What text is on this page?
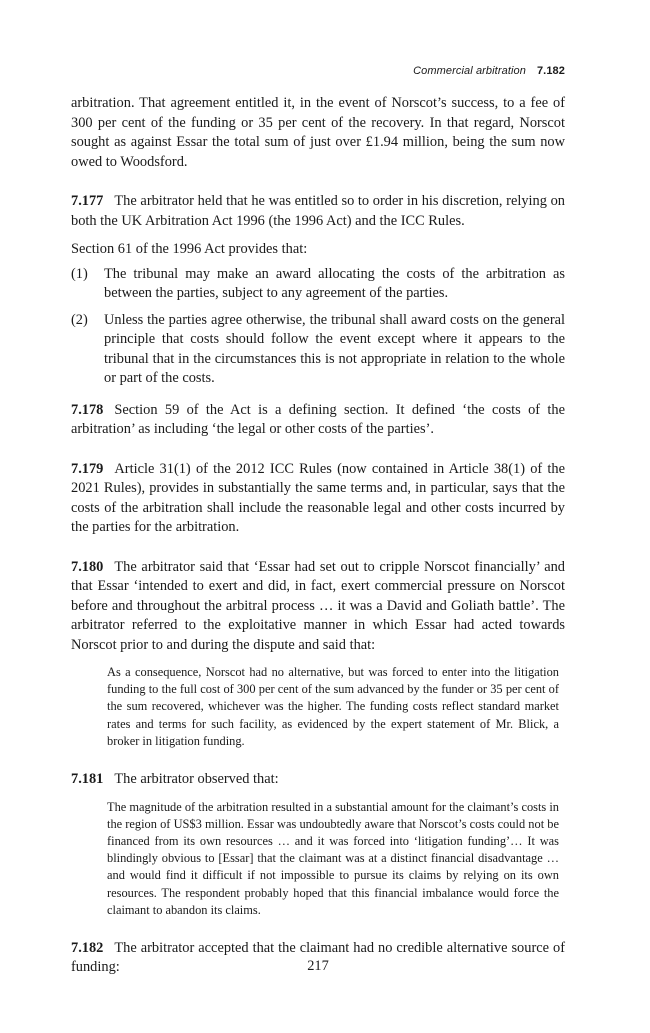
Commercial arbitration 7.182

arbitration. That agreement entitled it, in the event of Norscot’s success, to a fee of 300 per cent of the funding or 35 per cent of the recovery. In that regard, Norscot sought as against Essar the total sum of just over £1.94 million, being the sum now owed to Woodsford.

7.177 The arbitrator held that he was entitled so to order in his discretion, relying on both the UK Arbitration Act 1996 (the 1996 Act) and the ICC Rules.

Section 61 of the 1996 Act provides that:

(1) The tribunal may make an award allocating the costs of the arbitration as between the parties, subject to any agreement of the parties.

(2) Unless the parties agree otherwise, the tribunal shall award costs on the general principle that costs should follow the event except where it appears to the tribunal that in the circumstances this is not appropriate in relation to the whole or part of the costs.

7.178 Section 59 of the Act is a defining section. It defined ‘the costs of the arbitration’ as including ‘the legal or other costs of the parties’.

7.179 Article 31(1) of the 2012 ICC Rules (now contained in Article 38(1) of the 2021 Rules), provides in substantially the same terms and, in particular, says that the costs of the arbitration shall include the reasonable legal and other costs incurred by the parties for the arbitration.

7.180 The arbitrator said that ‘Essar had set out to cripple Norscot financially’ and that Essar ‘intended to exert and did, in fact, exert commercial pressure on Norscot before and throughout the arbitral process … it was a David and Goliath battle’. The arbitrator referred to the exploitative manner in which Essar had acted towards Norscot prior to and during the dispute and said that:

As a consequence, Norscot had no alternative, but was forced to enter into the litigation funding to the full cost of 300 per cent of the sum advanced by the funder or 35 per cent of the sum recovered, whichever was the higher. The funding costs reflect standard market rates and terms for such facility, as evidenced by the expert statement of Mr. Blick, a broker in litigation funding.

7.181 The arbitrator observed that:

The magnitude of the arbitration resulted in a substantial amount for the claimant’s costs in the region of US$3 million. Essar was undoubtedly aware that Norscot’s costs could not be financed from its own resources … and it was forced into ‘litigation funding’… It was blindingly obvious to [Essar] that the claimant was at a distinct financial disadvantage … and would find it difficult if not impossible to pursue its claims by relying on its own resources. The respondent probably hoped that this financial imbalance would force the claimant to abandon its claims.

7.182 The arbitrator accepted that the claimant had no credible alternative source of funding:	217
